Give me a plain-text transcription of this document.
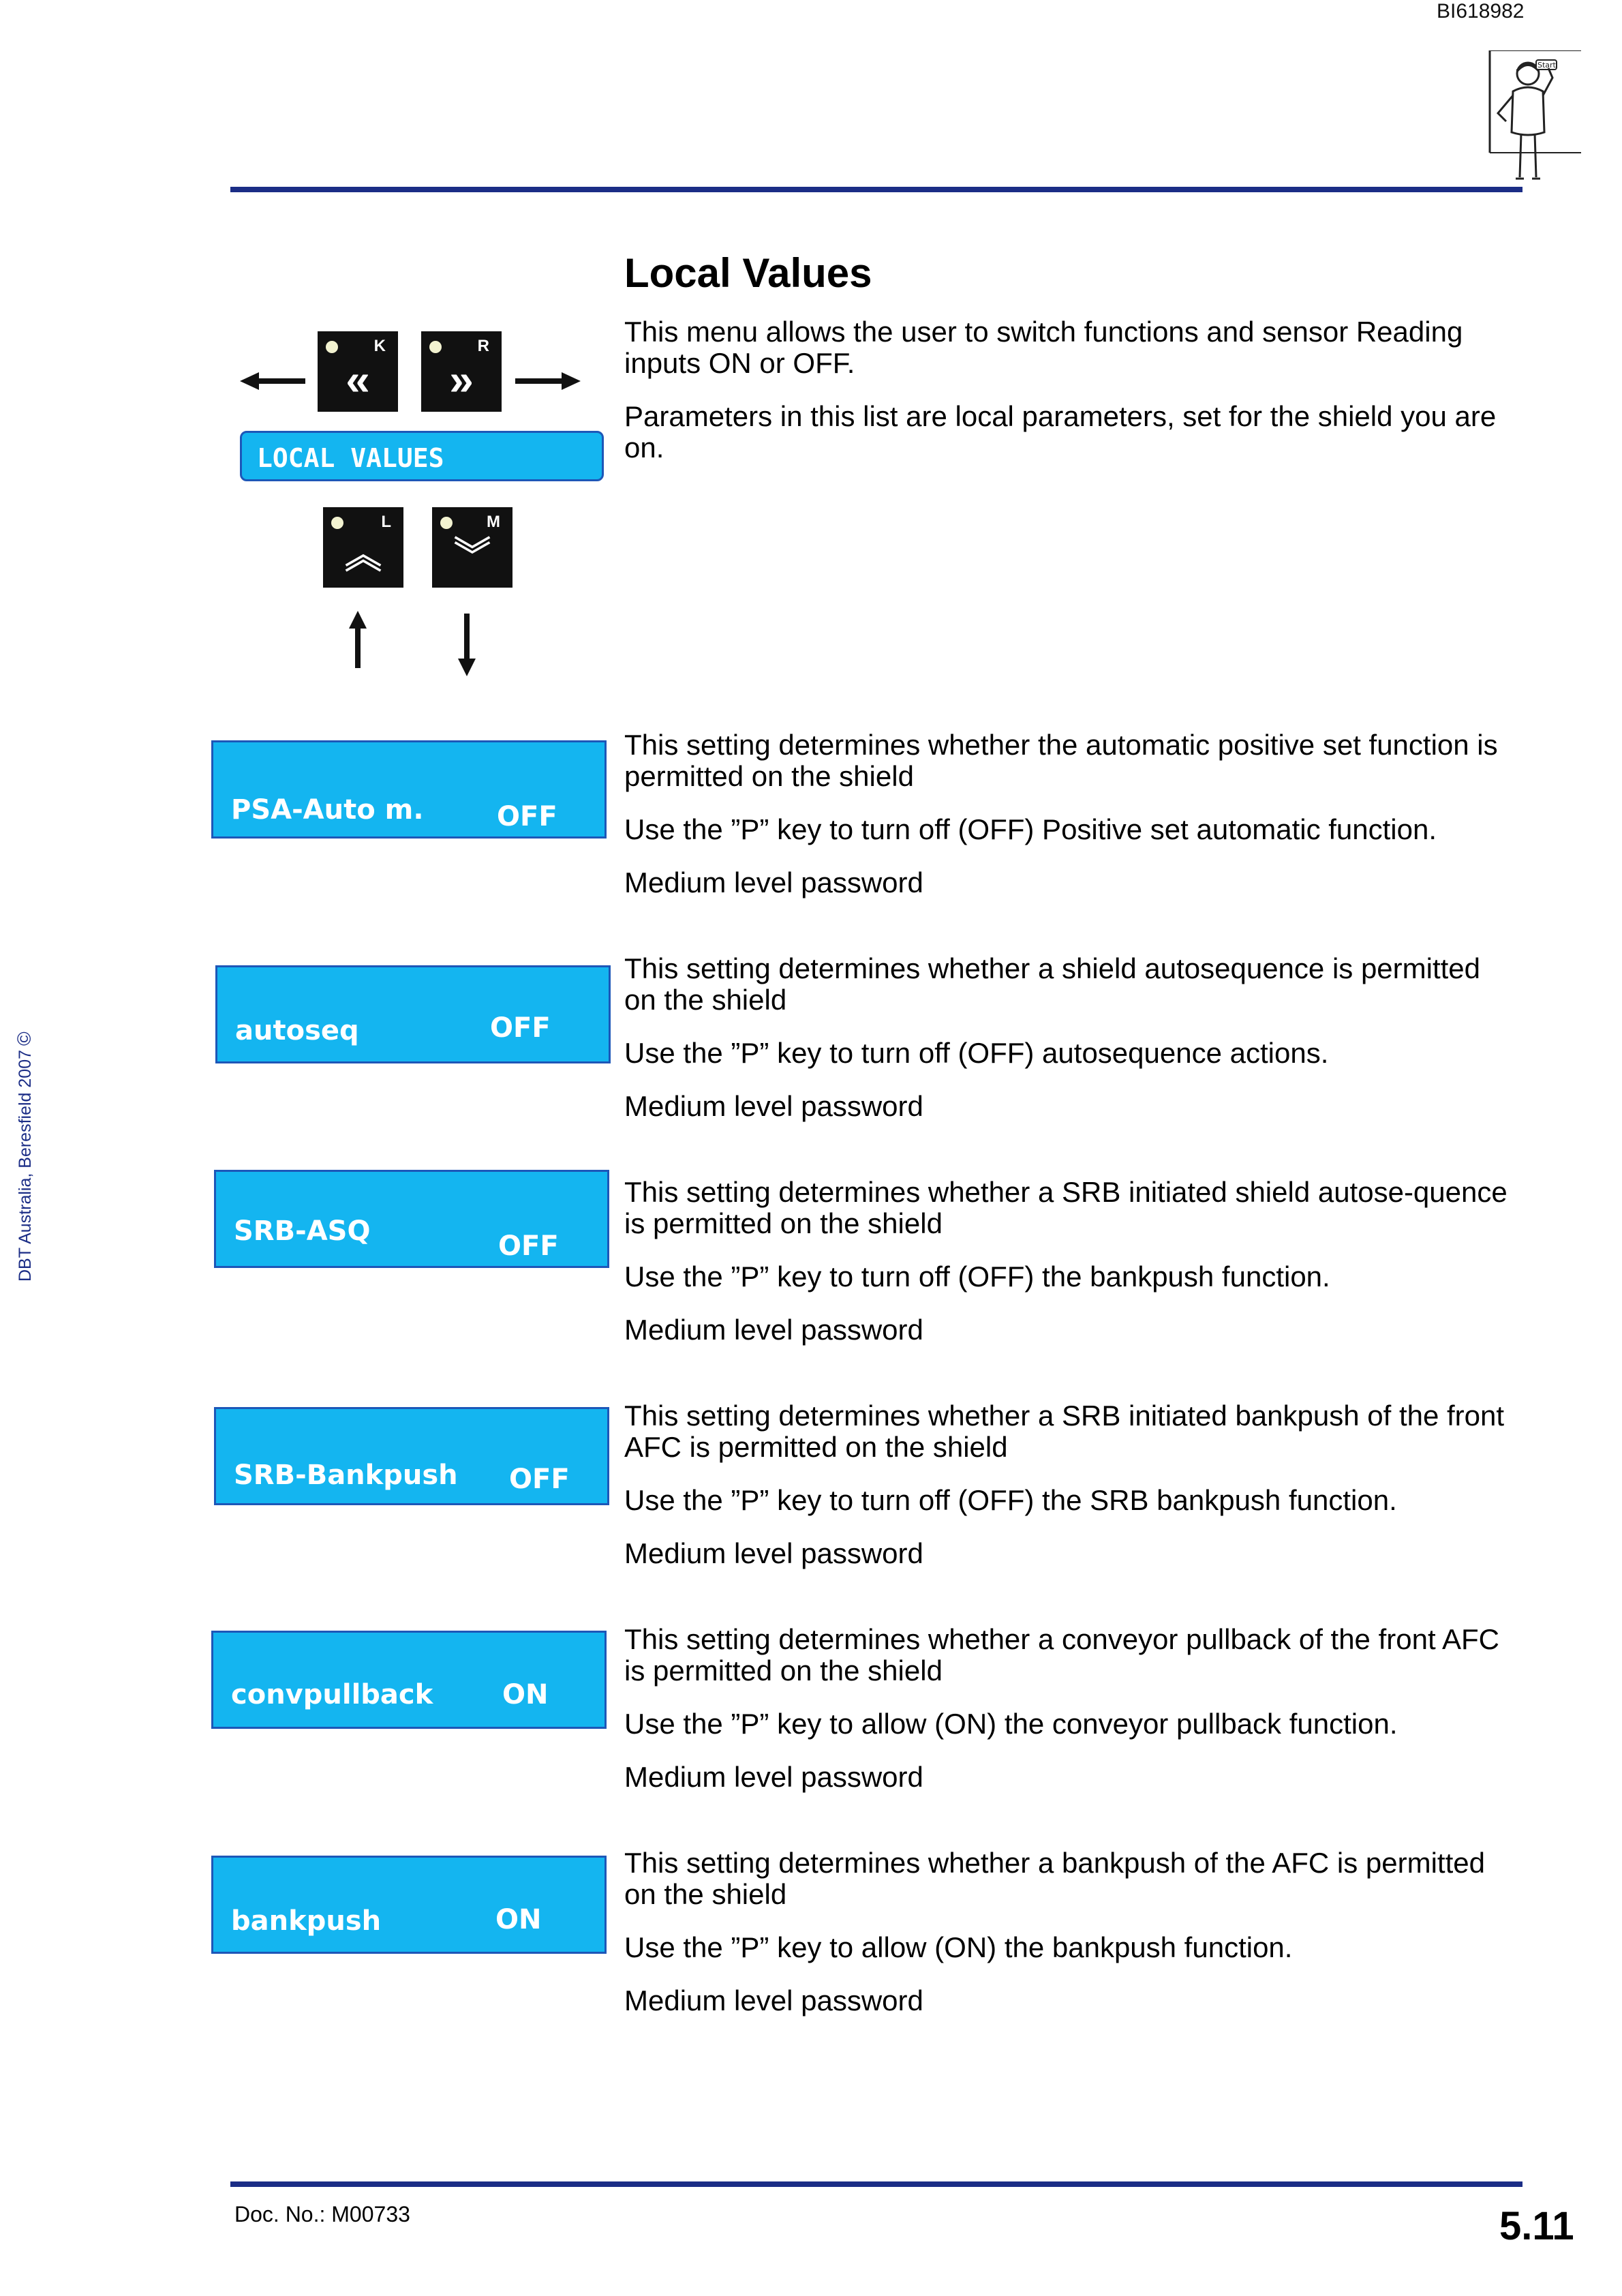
BI618982
Start
DBT Australia, Beresfield 2007©
Local Values

This menu allows the user to switch functions and sensor Reading inputs ON or OFF.

Parameters in this list are local parameters, set for the shield you are on.

K
«
R
»
LOCAL VALUES
L
︽
M
︾
PSA-Auto m.	OFF

This setting determines whether the automatic positive set function is permitted on the shield

Use the ”P” key to turn off (OFF) Positive set automatic function.

Medium level password

autoseq	OFF

This setting determines whether a shield autosequence is permitted on the shield

Use the ”P” key to turn off (OFF) autosequence actions.

Medium level password

SRB-ASQ	OFF

This setting determines whether a SRB initiated shield autose-quence is permitted on the shield

Use the ”P” key to turn off (OFF) the bankpush function.

Medium level password

SRB-Bankpush OFF

This setting determines whether a SRB initiated bankpush of the front AFC is permitted on the shield

Use the ”P” key to turn off (OFF) the SRB bankpush function.

Medium level password

convpullback	ON

This setting determines whether a conveyor pullback of the front AFC is permitted on the shield

Use the ”P” key to allow (ON) the conveyor pullback function.

Medium level password

bankpush	ON

This setting determines whether a bankpush of the AFC is permitted on the shield

Use the ”P” key to allow (ON) the bankpush function.

Medium level password

Doc. No.: M00733	5.11
